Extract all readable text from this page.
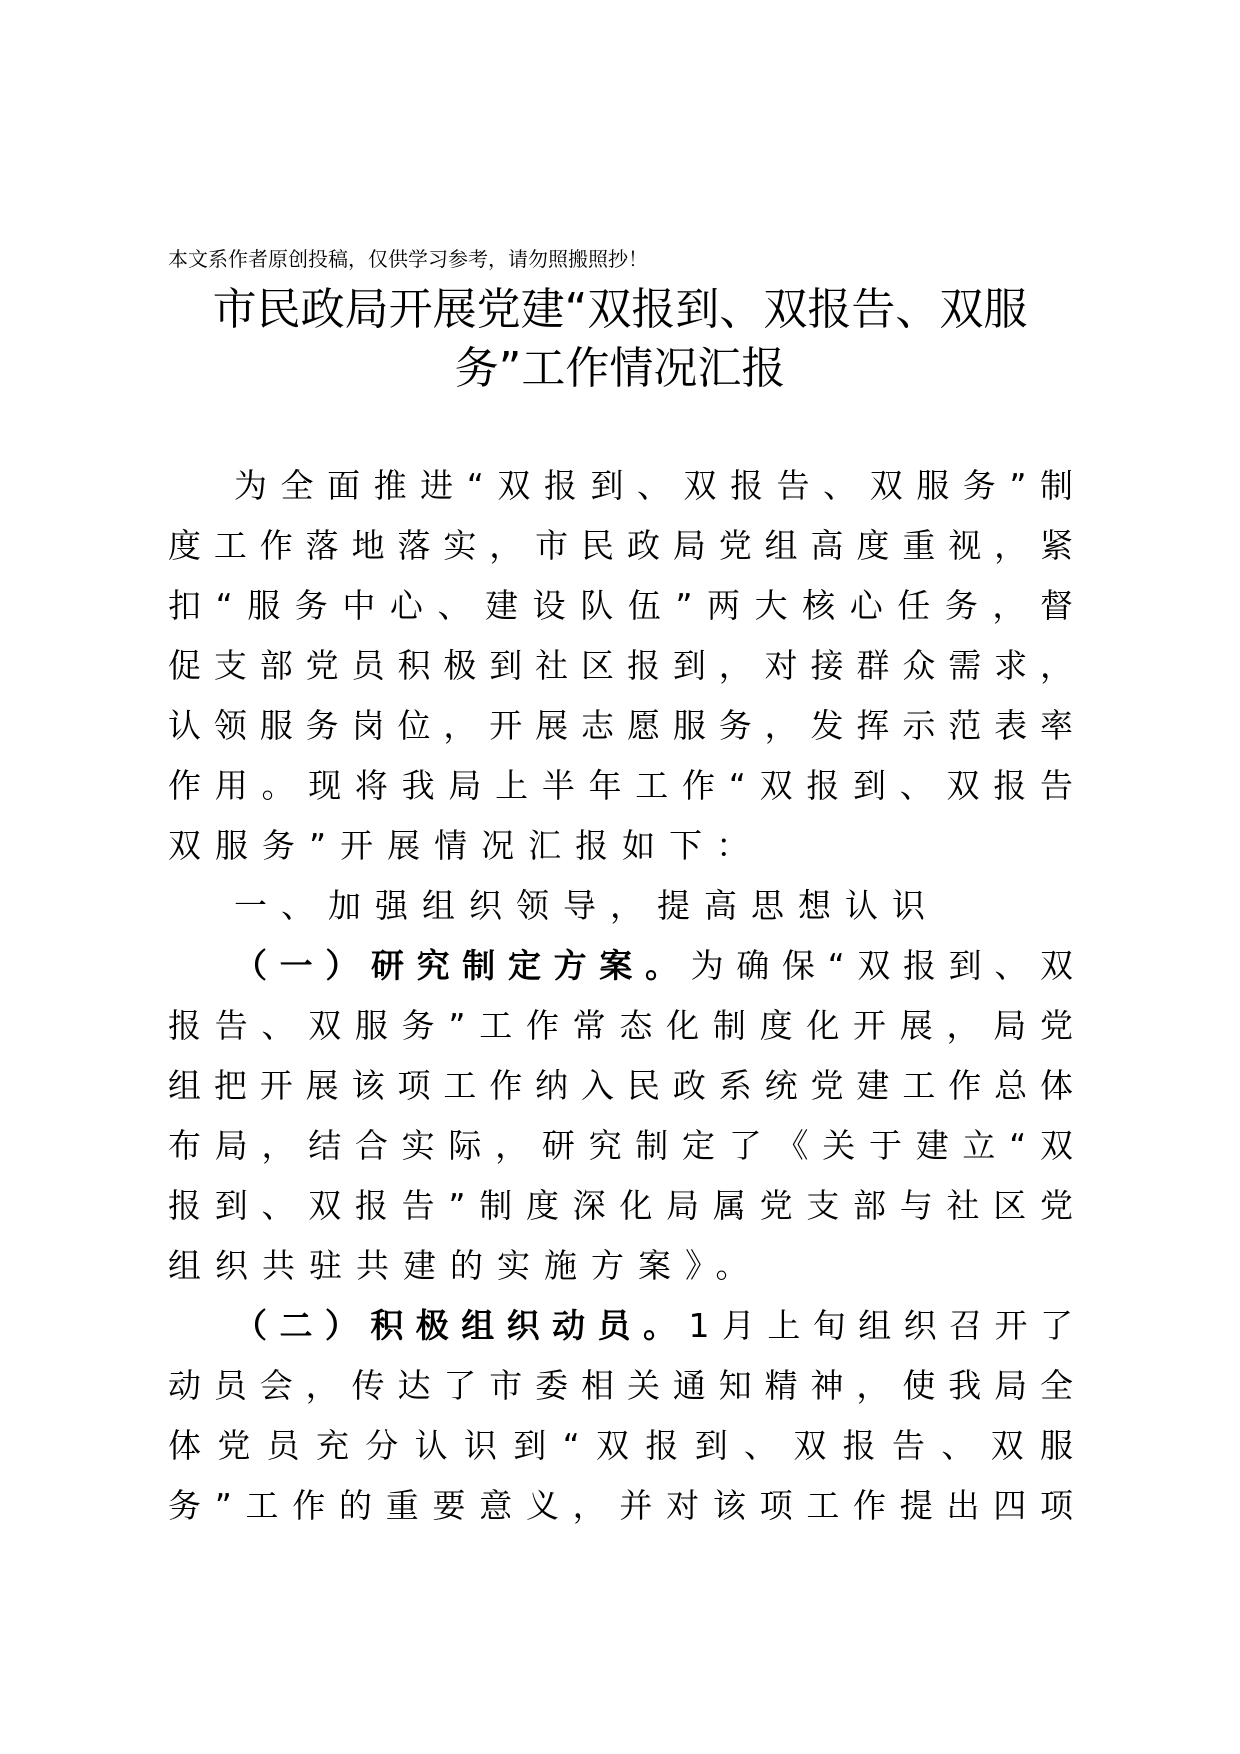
本文系作者原创投稿，仅供学习参考，请勿照搬照抄！
市民政局开展党建“双报到、双报告、双服
务”工作情况汇报
为全面推进“双报到、双报告、双服务”制
度工作落地落实，市民政局党组高度重视，紧
扣“服务中心、建设队伍”两大核心任务，督
促支部党员积极到社区报到，对接群众需求，
认领服务岗位，开展志愿服务，发挥示范表率
作用。现将我局上半年工作“双报到、双报告
双服务”开展情况汇报如下：
一、加强组织领导，提高思想认识
（一）研究制定方案。为确保“双报到、双
报告、双服务”工作常态化制度化开展，局党
组把开展该项工作纳入民政系统党建工作总体
布局，结合实际，研究制定了《关于建立“双
报到、双报告”制度深化局属党支部与社区党
组织共驻共建的实施方案》。
（二）积极组织动员。1月上旬组织召开了
动员会，传达了市委相关通知精神，使我局全
体党员充分认识到“双报到、双报告、双服
务”工作的重要意义，并对该项工作提出四项
